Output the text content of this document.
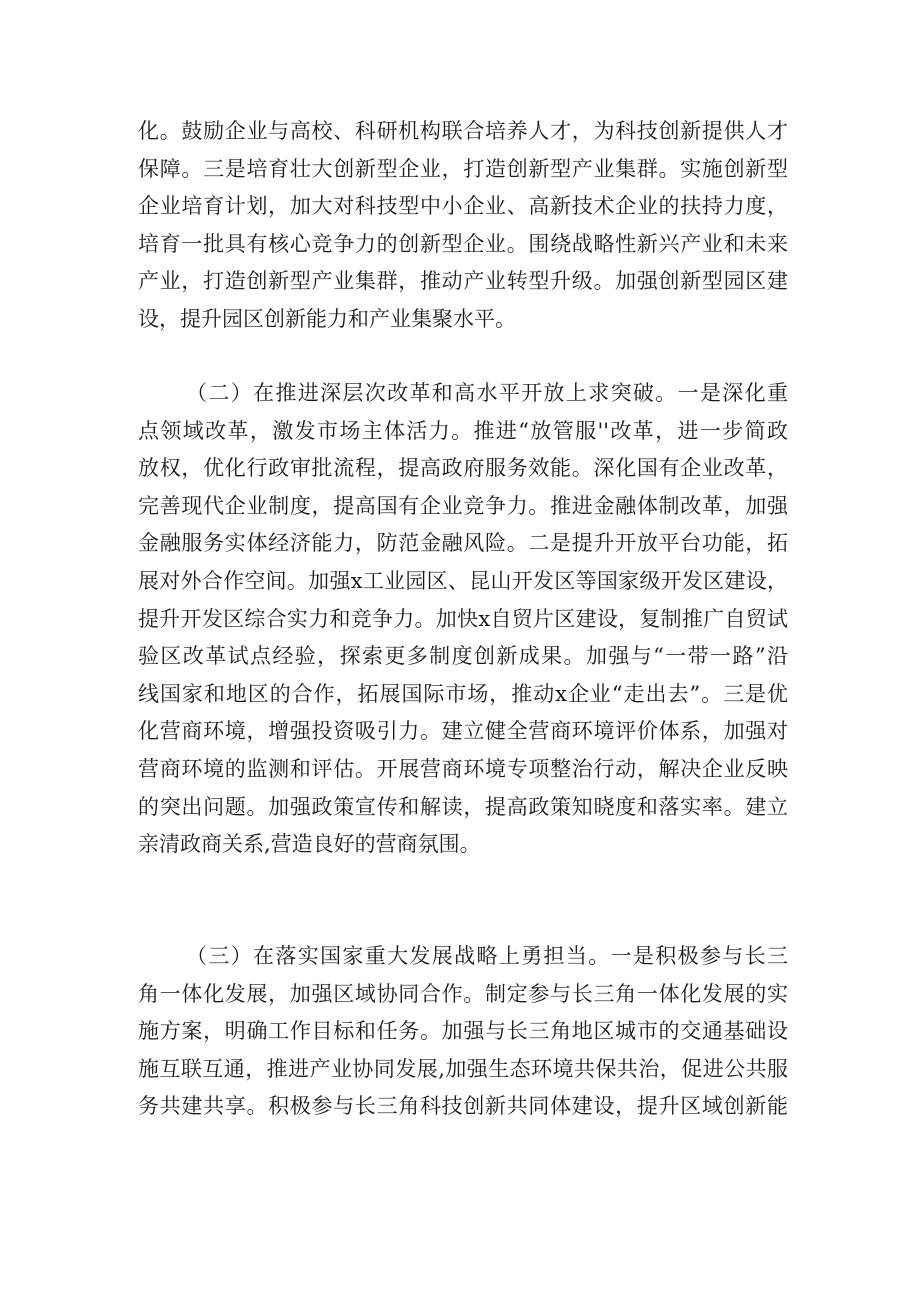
化。鼓励企业与高校、科研机构联合培养人才，为科技创新提供人才
保障。三是培育壮大创新型企业，打造创新型产业集群。实施创新型
企业培育计划，加大对科技型中小企业、高新技术企业的扶持力度，
培育一批具有核心竞争力的创新型企业。围绕战略性新兴产业和未来
产业，打造创新型产业集群，推动产业转型升级。加强创新型园区建
设，提升园区创新能力和产业集聚水平。
（二）在推进深层次改革和高水平开放上求突破。一是深化重
点领域改革，激发市场主体活力。推进“放管服''改革，进一步简政
放权，优化行政审批流程，提高政府服务效能。深化国有企业改革，
完善现代企业制度，提高国有企业竞争力。推进金融体制改革，加强
金融服务实体经济能力，防范金融风险。二是提升开放平台功能，拓
展对外合作空间。加强x工业园区、昆山开发区等国家级开发区建设，
提升开发区综合实力和竞争力。加快x自贸片区建设，复制推广自贸试
验区改革试点经验，探索更多制度创新成果。加强与“一带一路”沿
线国家和地区的合作，拓展国际市场，推动x企业“走出去”。三是优
化营商环境，增强投资吸引力。建立健全营商环境评价体系，加强对
营商环境的监测和评估。开展营商环境专项整治行动，解决企业反映
的突出问题。加强政策宣传和解读，提高政策知晓度和落实率。建立
亲清政商关系,营造良好的营商氛围。
（三）在落实国家重大发展战略上勇担当。一是积极参与长三
角一体化发展，加强区域协同合作。制定参与长三角一体化发展的实
施方案，明确工作目标和任务。加强与长三角地区城市的交通基础设
施互联互通，推进产业协同发展,加强生态环境共保共治，促进公共服
务共建共享。积极参与长三角科技创新共同体建设，提升区域创新能
